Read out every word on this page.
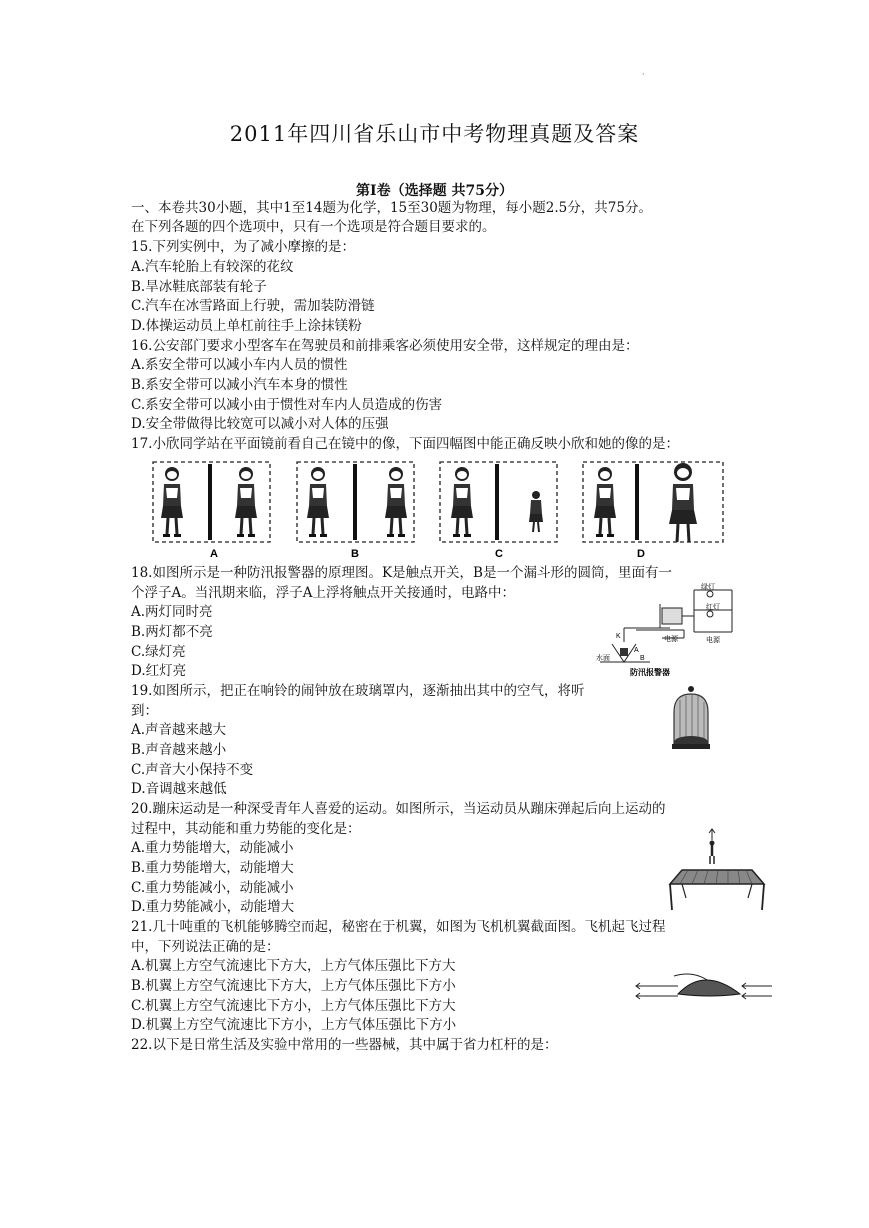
·
2011年四川省乐山市中考物理真题及答案
第Ⅰ卷（选择题 共75分）
一、本卷共30小题，其中1至14题为化学，15至30题为物理，每小题2.5分，共75分。
在下列各题的四个选项中，只有一个选项是符合题目要求的。
15.下列实例中，为了减小摩擦的是：
A.汽车轮胎上有较深的花纹
B.旱冰鞋底部装有轮子
C.汽车在冰雪路面上行驶，需加装防滑链
D.体操运动员上单杠前往手上涂抹镁粉
16.公安部门要求小型客车在驾驶员和前排乘客必须使用安全带，这样规定的理由是：
A.系安全带可以减小车内人员的惯性
B.系安全带可以减小汽车本身的惯性
C.系安全带可以减小由于惯性对车内人员造成的伤害
D.安全带做得比较宽可以减小对人体的压强
17.小欣同学站在平面镜前看自己在镜中的像，下面四幅图中能正确反映小欣和她的像的是：
A	B	C	D
18.如图所示是一种防汛报警器的原理图。K是触点开关，B是一个漏斗形的圆筒，里面有一
个浮子A。当汛期来临，浮子A上浮将触点开关接通时，电路中：
A.两灯同时亮
B.两灯都不亮
C.绿灯亮
D.红灯亮
绿灯
红灯
电源	电源
K
A
B
水面
防汛报警器
19.如图所示，把正在响铃的闹钟放在玻璃罩内，逐渐抽出其中的空气，将听
到：
A.声音越来越大
B.声音越来越小
C.声音大小保持不变
D.音调越来越低
20.蹦床运动是一种深受青年人喜爱的运动。如图所示，当运动员从蹦床弹起后向上运动的
过程中，其动能和重力势能的变化是：
A.重力势能增大，动能减小
B.重力势能增大，动能增大
C.重力势能减小，动能减小
D.重力势能减小，动能增大
21.几十吨重的飞机能够腾空而起，秘密在于机翼，如图为飞机机翼截面图。飞机起飞过程
中，下列说法正确的是：
A.机翼上方空气流速比下方大，上方气体压强比下方大
B.机翼上方空气流速比下方大，上方气体压强比下方小
C.机翼上方空气流速比下方小，上方气体压强比下方大
D.机翼上方空气流速比下方小，上方气体压强比下方小
22.以下是日常生活及实验中常用的一些器械，其中属于省力杠杆的是：
